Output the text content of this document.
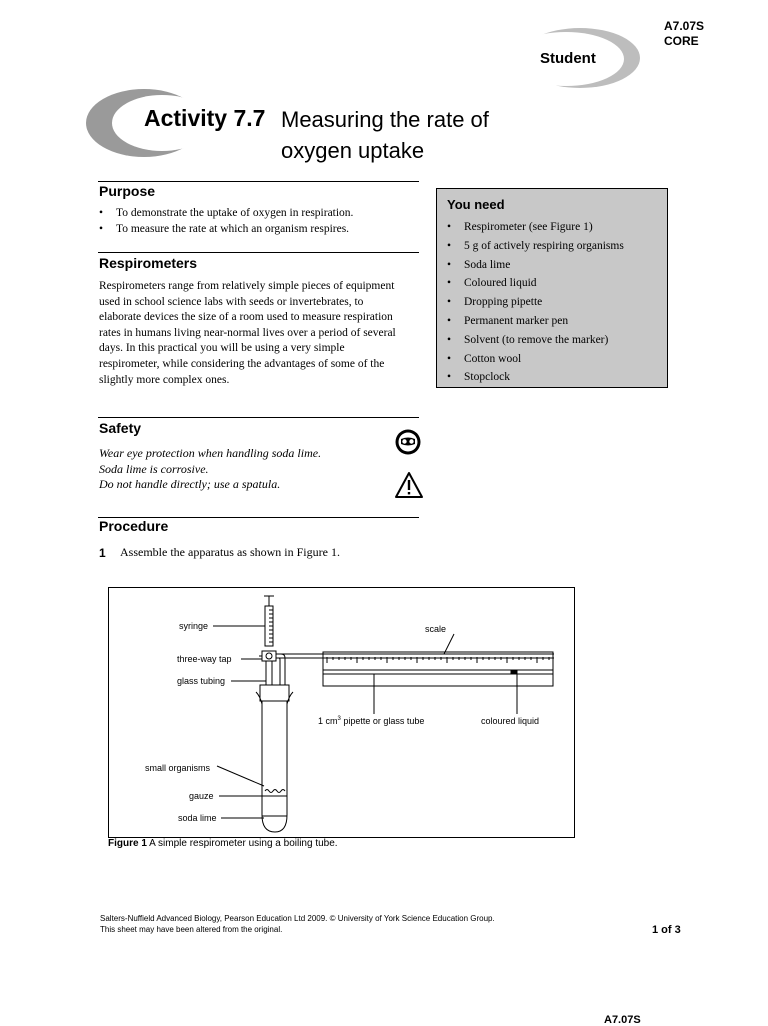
A7.07S
CORE
Student
Activity 7.7 Measuring the rate of oxygen uptake
Purpose
• To demonstrate the uptake of oxygen in respiration.
• To measure the rate at which an organism respires.
Respirometers
Respirometers range from relatively simple pieces of equipment used in school science labs with seeds or invertebrates, to elaborate devices the size of a room used to measure respiration rates in humans living near-normal lives over a period of several days. In this practical you will be using a very simple respirometer, while considering the advantages of some of the slightly more complex ones.
You need
• Respirometer (see Figure 1)
• 5 g of actively respiring organisms
• Soda lime
• Coloured liquid
• Dropping pipette
• Permanent marker pen
• Solvent (to remove the marker)
• Cotton wool
• Stopclock
Safety
Wear eye protection when handling soda lime.
Soda lime is corrosive.
Do not handle directly; use a spatula.
Procedure
1 Assemble the apparatus as shown in Figure 1.
syringe
three-way tap
glass tubing
scale
1 $cm^3$ pipette or glass tube	coloured liquid
small organisms
gauze
soda lime
Figure 1 A simple respirometer using a boiling tube.
Salters-Nuffield Advanced Biology, Pearson Education Ltd 2009. © University of York Science Education Group.
This sheet may have been altered from the original.	1 of 3
A7.07S
